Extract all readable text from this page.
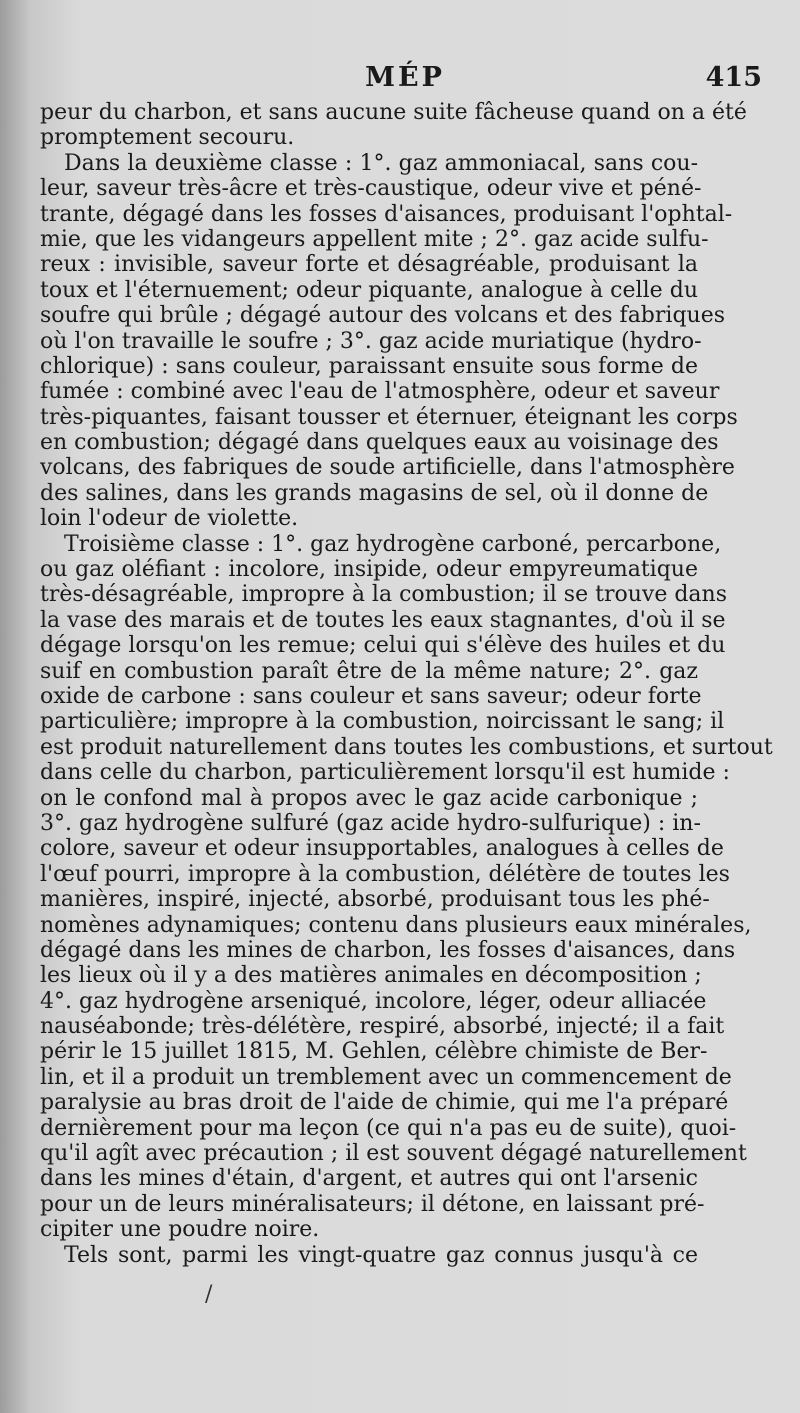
MÉP	415
peur du charbon, et sans aucune suite fâcheuse quand on a été
promptement secouru.
Dans la deuxième classe : 1°. gaz ammoniacal, sans cou-
leur, saveur très-âcre et très-caustique, odeur vive et péné-
trante, dégagé dans les fosses d'aisances, produisant l'ophtal-
mie, que les vidangeurs appellent mite ; 2°. gaz acide sulfu-
reux : invisible, saveur forte et désagréable, produisant la
toux et l'éternuement; odeur piquante, analogue à celle du
soufre qui brûle ; dégagé autour des volcans et des fabriques
où l'on travaille le soufre ; 3°. gaz acide muriatique (hydro-
chlorique) : sans couleur, paraissant ensuite sous forme de
fumée : combiné avec l'eau de l'atmosphère, odeur et saveur
très-piquantes, faisant tousser et éternuer, éteignant les corps
en combustion; dégagé dans quelques eaux au voisinage des
volcans, des fabriques de soude artificielle, dans l'atmosphère
des salines, dans les grands magasins de sel, où il donne de
loin l'odeur de violette.
Troisième classe : 1°. gaz hydrogène carboné, percarbone,
ou gaz oléfiant : incolore, insipide, odeur empyreumatique
très-désagréable, impropre à la combustion; il se trouve dans
la vase des marais et de toutes les eaux stagnantes, d'où il se
dégage lorsqu'on les remue; celui qui s'élève des huiles et du
suif en combustion paraît être de la même nature; 2°. gaz
oxide de carbone : sans couleur et sans saveur; odeur forte
particulière; impropre à la combustion, noircissant le sang; il
est produit naturellement dans toutes les combustions, et surtout
dans celle du charbon, particulièrement lorsqu'il est humide :
on le confond mal à propos avec le gaz acide carbonique ;
3°. gaz hydrogène sulfuré (gaz acide hydro-sulfurique) : in-
colore, saveur et odeur insupportables, analogues à celles de
l'œuf pourri, impropre à la combustion, délétère de toutes les
manières, inspiré, injecté, absorbé, produisant tous les phé-
nomènes adynamiques; contenu dans plusieurs eaux minérales,
dégagé dans les mines de charbon, les fosses d'aisances, dans
les lieux où il y a des matières animales en décomposition ;
4°. gaz hydrogène arseniqué, incolore, léger, odeur alliacée
nauséabonde; très-délétère, respiré, absorbé, injecté; il a fait
périr le 15 juillet 1815, M. Gehlen, célèbre chimiste de Ber-
lin, et il a produit un tremblement avec un commencement de
paralysie au bras droit de l'aide de chimie, qui me l'a préparé
dernièrement pour ma leçon (ce qui n'a pas eu de suite), quoi-
qu'il agît avec précaution ; il est souvent dégagé naturellement
dans les mines d'étain, d'argent, et autres qui ont l'arsenic
pour un de leurs minéralisateurs; il détone, en laissant pré-
cipiter une poudre noire.
Tels sont, parmi les vingt-quatre gaz connus jusqu'à ce
/
